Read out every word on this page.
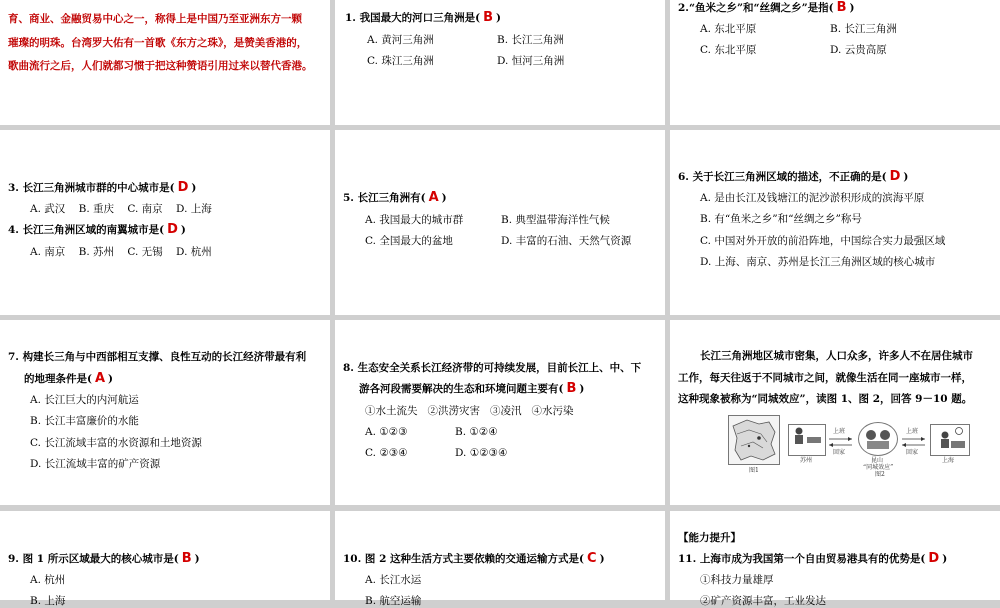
育、商业、金融贸易中心之一，称得上是中国乃至亚洲东方一颗
璀璨的明珠。台湾罗大佑有一首歌《东方之珠》，是赞美香港的，
歌曲流行之后，人们就都习惯于把这种赞语引用过来以替代香港。
1. 我国最大的河口三角洲是( B )
A. 黄河三角洲	B. 长江三角洲
C. 珠江三角洲	D. 恒河三角洲
2.“鱼米之乡”和“丝绸之乡”是指( B )
A. 东北平原	B. 长江三角洲
C. 东北平原	D. 云贵高原
3. 长江三角洲城市群的中心城市是( D )
A. 武汉    B. 重庆    C. 南京    D. 上海
4. 长江三角洲区域的南翼城市是( D )
A. 南京    B. 苏州    C. 无锡    D. 杭州
5. 长江三角洲有( A )
A. 我国最大的城市群	B. 典型温带海洋性气候
C. 全国最大的盆地	D. 丰富的石油、天然气资源
6. 关于长江三角洲区域的描述，不正确的是( D )
A. 是由长江及钱塘江的泥沙淤积形成的滨海平原
B. 有“鱼米之乡”和“丝绸之乡”称号
C. 中国对外开放的前沿阵地，中国综合实力最强区域
D. 上海、南京、苏州是长江三角洲区域的核心城市
7. 构建长三角与中西部相互支撑、良性互动的长江经济带最有利
的地理条件是( A )
A. 长江巨大的内河航运
B. 长江丰富廉价的水能
C. 长江流域丰富的水资源和土地资源
D. 长江流域丰富的矿产资源
8. 生态安全关系长江经济带的可持续发展，目前长江上、中、下
游各河段需要解决的生态和环境问题主要有( B )
①水土流失   ②洪涝灾害   ③凌汛   ④水污染
A. ①②③	B. ①②④
C. ②③④	D. ①②③④
长江三角洲地区城市密集，人口众多，许多人不在居住城市
工作，每天往返于不同城市之间，就像生活在同一座城市一样，
这种现象被称为“同城效应”，读图 1、图 2，回答 9－10 题。
图1
苏州
上班
回家
昆山
“同城效应”
图2
上班
回家
上海
9. 图 1 所示区域最大的核心城市是( B )
A. 杭州
B. 上海
10. 图 2 这种生活方式主要依赖的交通运输方式是( C )
A. 长江水运
B. 航空运输
【能力提升】
11. 上海市成为我国第一个自由贸易港具有的优势是( D )
①科技力量雄厚
②矿产资源丰富，工业发达
